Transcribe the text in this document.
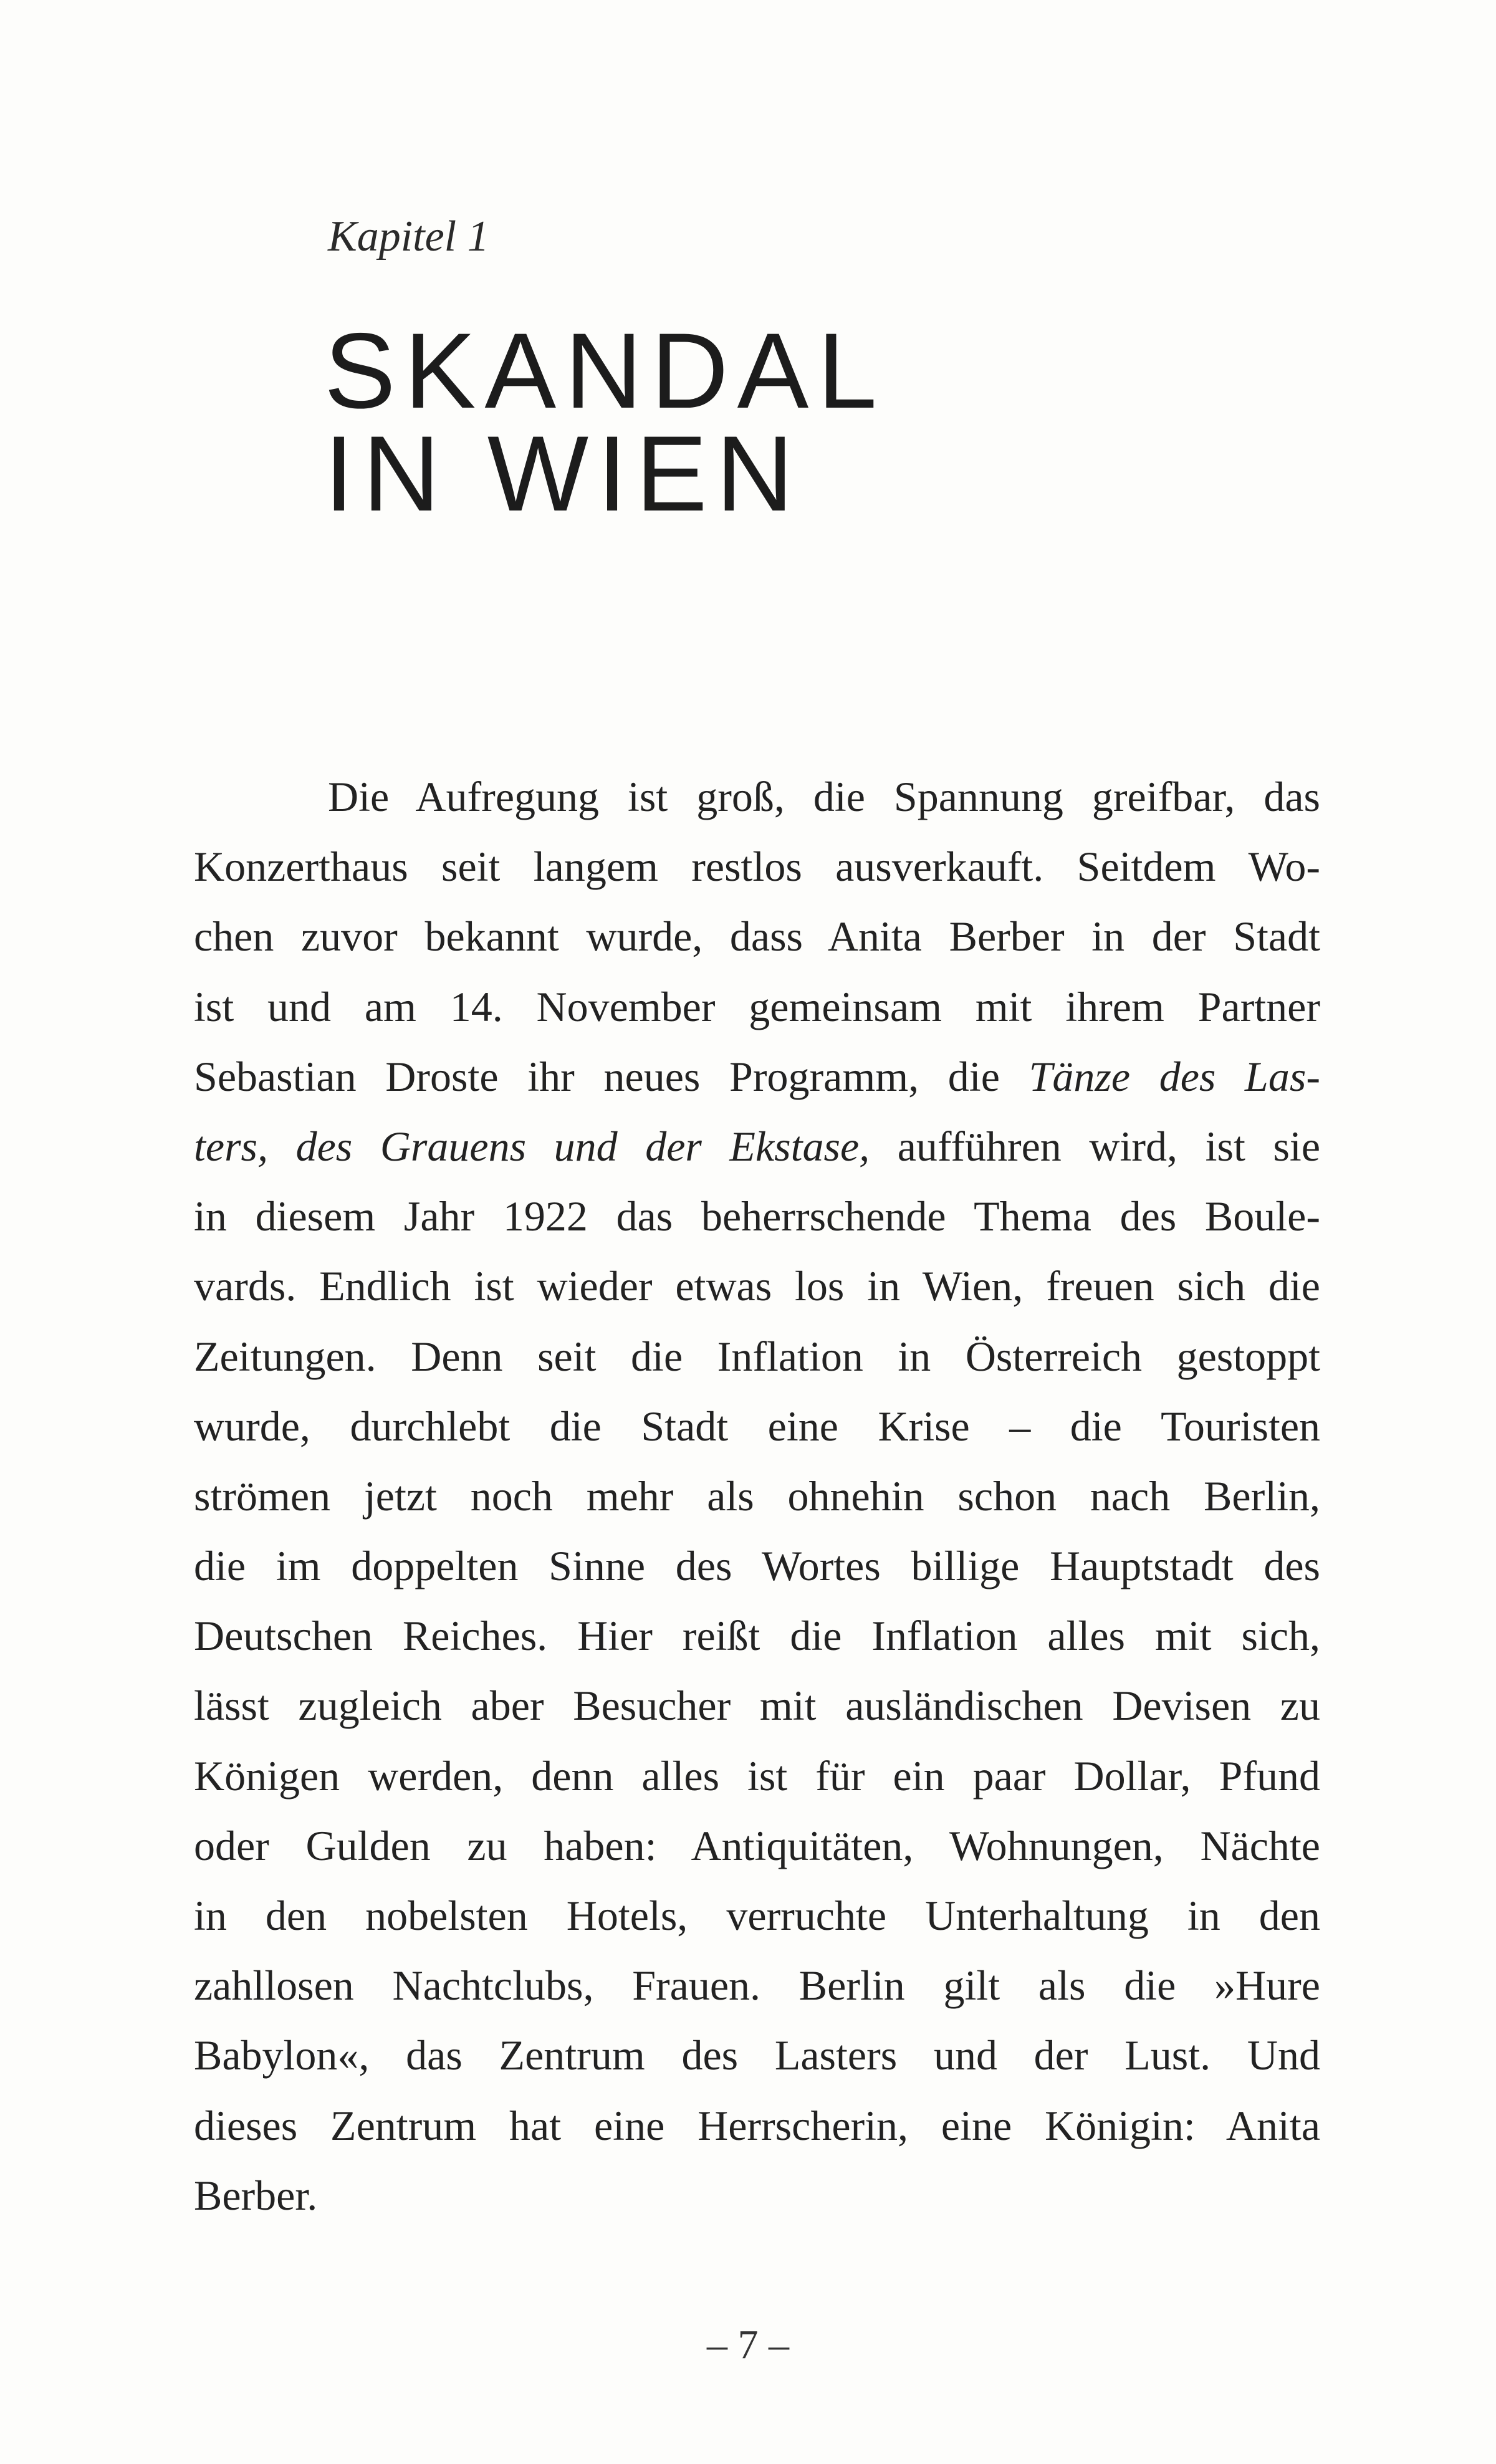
Kapitel 1
SKANDAL
IN WIEN
Die Aufregung ist groß, die Spannung greifbar, das
Konzerthaus seit langem restlos ausverkauft. Seitdem Wo-
chen zuvor bekannt wurde, dass Anita Berber in der Stadt
ist und am 14. November gemeinsam mit ihrem Partner
Sebastian Droste ihr neues Programm, die Tänze des Las-
ters, des Grauens und der Ekstase, aufführen wird, ist sie
in diesem Jahr 1922 das beherrschende Thema des Boule-
vards. Endlich ist wieder etwas los in Wien, freuen sich die
Zeitungen. Denn seit die Inflation in Österreich gestoppt
wurde, durchlebt die Stadt eine Krise – die Touristen
strömen jetzt noch mehr als ohnehin schon nach Berlin,
die im doppelten Sinne des Wortes billige Hauptstadt des
Deutschen Reiches. Hier reißt die Inflation alles mit sich,
lässt zugleich aber Besucher mit ausländischen Devisen zu
Königen werden, denn alles ist für ein paar Dollar, Pfund
oder Gulden zu haben: Antiquitäten, Wohnungen, Nächte
in den nobelsten Hotels, verruchte Unterhaltung in den
zahllosen Nachtclubs, Frauen. Berlin gilt als die »Hure
Babylon«, das Zentrum des Lasters und der Lust. Und
dieses Zentrum hat eine Herrscherin, eine Königin: Anita
Berber.
– 7 –
